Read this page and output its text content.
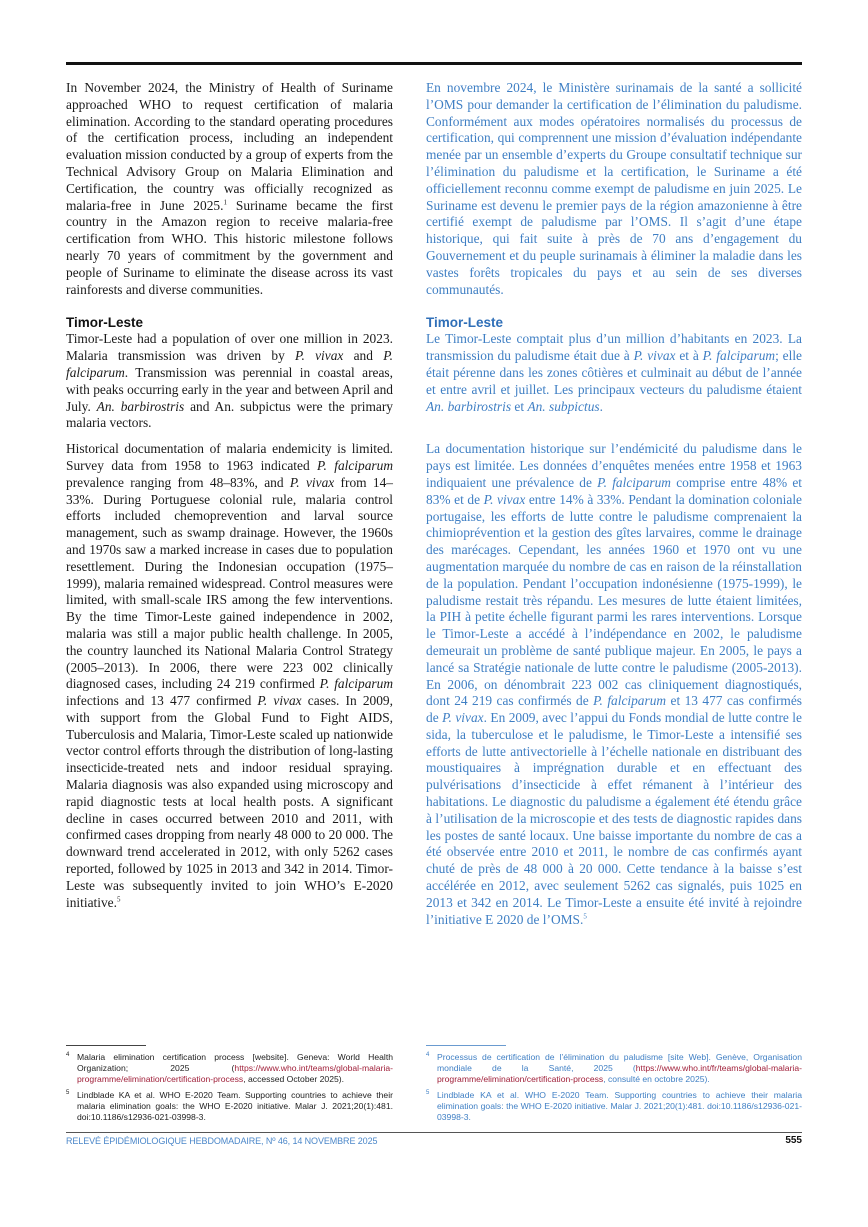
In November 2024, the Ministry of Health of Suriname approached WHO to request certification of malaria elimination. According to the standard operating procedures of the certification process, including an independent evaluation mission conducted by a group of experts from the Technical Advisory Group on Malaria Elimination and Certification, the country was officially recognized as malaria-free in June 2025.$^1$ Suriname became the first country in the Amazon region to receive malaria-free certification from WHO. This historic milestone follows nearly 70 years of commitment by the government and people of Suriname to eliminate the disease across its vast rainforests and diverse communities.

Timor-Leste

Timor-Leste had a population of over one million in 2023. Malaria transmission was driven by P. vivax and P. falciparum. Transmission was perennial in coastal areas, with peaks occurring early in the year and between April and July. An. barbirostris and An. subpictus were the primary malaria vectors.

Historical documentation of malaria endemicity is limited. Survey data from 1958 to 1963 indicated P. falciparum prevalence ranging from 48–83%, and P. vivax from 14–33%. During Portuguese colonial rule, malaria control efforts included chemoprevention and larval source management, such as swamp drainage. However, the 1960s and 1970s saw a marked increase in cases due to population resettlement. During the Indonesian occupation (1975–1999), malaria remained widespread. Control measures were limited, with small-scale IRS among the few interventions. By the time Timor-Leste gained independence in 2002, malaria was still a major public health challenge. In 2005, the country launched its National Malaria Control Strategy (2005–2013). In 2006, there were 223 002 clinically diagnosed cases, including 24 219 confirmed P. falciparum infections and 13 477 confirmed P. vivax cases. In 2009, with support from the Global Fund to Fight AIDS, Tuberculosis and Malaria, Timor-Leste scaled up nationwide vector control efforts through the distribution of long-lasting insecticide-treated nets and indoor residual spraying. Malaria diagnosis was also expanded using microscopy and rapid diagnostic tests at local health posts. A significant decline in cases occurred between 2010 and 2011, with confirmed cases dropping from nearly 48 000 to 20 000. The downward trend accelerated in 2012, with only 5262 cases reported, followed by 1025 in 2013 and 342 in 2014. Timor-Leste was subsequently invited to join WHO’s E-2020 initiative.$^5$

En novembre 2024, le Ministère surinamais de la santé a sollicité l’OMS pour demander la certification de l’élimination du paludisme. Conformément aux modes opératoires normalisés du processus de certification, qui comprennent une mission d’évaluation indépendante menée par un ensemble d’experts du Groupe consultatif technique sur l’élimination du paludisme et la certification, le Suriname a été officiellement reconnu comme exempt de paludisme en juin 2025. Le Suriname est devenu le premier pays de la région amazonienne à être certifié exempt de paludisme par l’OMS. Il s’agit d’une étape historique, qui fait suite à près de 70 ans d’engagement du Gouvernement et du peuple surinamais à éliminer la maladie dans les vastes forêts tropicales du pays et au sein de ses diverses communautés.

Timor-Leste

Le Timor-Leste comptait plus d’un million d’habitants en 2023. La transmission du paludisme était due à P. vivax et à P. falciparum; elle était pérenne dans les zones côtières et culminait au début de l’année et entre avril et juillet. Les principaux vecteurs du paludisme étaient An. barbirostris et An. subpictus.

La documentation historique sur l’endémicité du paludisme dans le pays est limitée. Les données d’enquêtes menées entre 1958 et 1963 indiquaient une prévalence de P. falciparum comprise entre 48% et 83% et de P. vivax entre 14% à 33%. Pendant la domination coloniale portugaise, les efforts de lutte contre le paludisme comprenaient la chimioprévention et la gestion des gîtes larvaires, comme le drainage des marécages. Cependant, les années 1960 et 1970 ont vu une augmentation marquée du nombre de cas en raison de la réinstallation de la population. Pendant l’occupation indonésienne (1975-1999), le paludisme restait très répandu. Les mesures de lutte étaient limitées, la PIH à petite échelle figurant parmi les rares interventions. Lorsque le Timor-Leste a accédé à l’indépendance en 2002, le paludisme demeurait un problème de santé publique majeur. En 2005, le pays a lancé sa Stratégie nationale de lutte contre le paludisme (2005-2013). En 2006, on dénombrait 223 002 cas cliniquement diagnostiqués, dont 24 219 cas confirmés de P. falciparum et 13 477 cas confirmés de P. vivax. En 2009, avec l’appui du Fonds mondial de lutte contre le sida, la tuberculose et le paludisme, le Timor-Leste a intensifié ses efforts de lutte antivectorielle à l’échelle nationale en distribuant des moustiquaires à imprégnation durable et en effectuant des pulvérisations d’insecticide à effet rémanent à l’intérieur des habitations. Le diagnostic du paludisme a également été étendu grâce à l’utilisation de la microscopie et des tests de diagnostic rapides dans les postes de santé locaux. Une baisse importante du nombre de cas a été observée entre 2010 et 2011, le nombre de cas confirmés ayant chuté de près de 48 000 à 20 000. Cette tendance à la baisse s’est accélérée en 2012, avec seulement 5262 cas signalés, puis 1025 en 2013 et 342 en 2014. Le Timor-Leste a ensuite été invité à rejoindre l’initiative E 2020 de l’OMS.$^5$

4 Malaria elimination certification process [website]. Geneva: World Health Organization; 2025 (https://www.who.int/teams/global-malaria-programme/elimination/certification-process, accessed October 2025).
5 Lindblade KA et al. WHO E-2020 Team. Supporting countries to achieve their malaria elimination goals: the WHO E-2020 initiative. Malar J. 2021;20(1):481. doi:10.1186/s12936-021-03998-3.
4 Processus de certification de l’élimination du paludisme [site Web]. Genève, Organisation mondiale de la Santé, 2025 (https://www.who.int/fr/teams/global-malaria-programme/elimination/certification-process, consulté en octobre 2025).
5 Lindblade KA et al. WHO E-2020 Team. Supporting countries to achieve their malaria elimination goals: the WHO E-2020 initiative. Malar J. 2021;20(1):481. doi:10.1186/s12936-021-03998-3.
RELEVÉ ÉPIDÉMIOLOGIQUE HEBDOMADAIRE, Nº 46, 14 NOVEMBRE 2025	555
